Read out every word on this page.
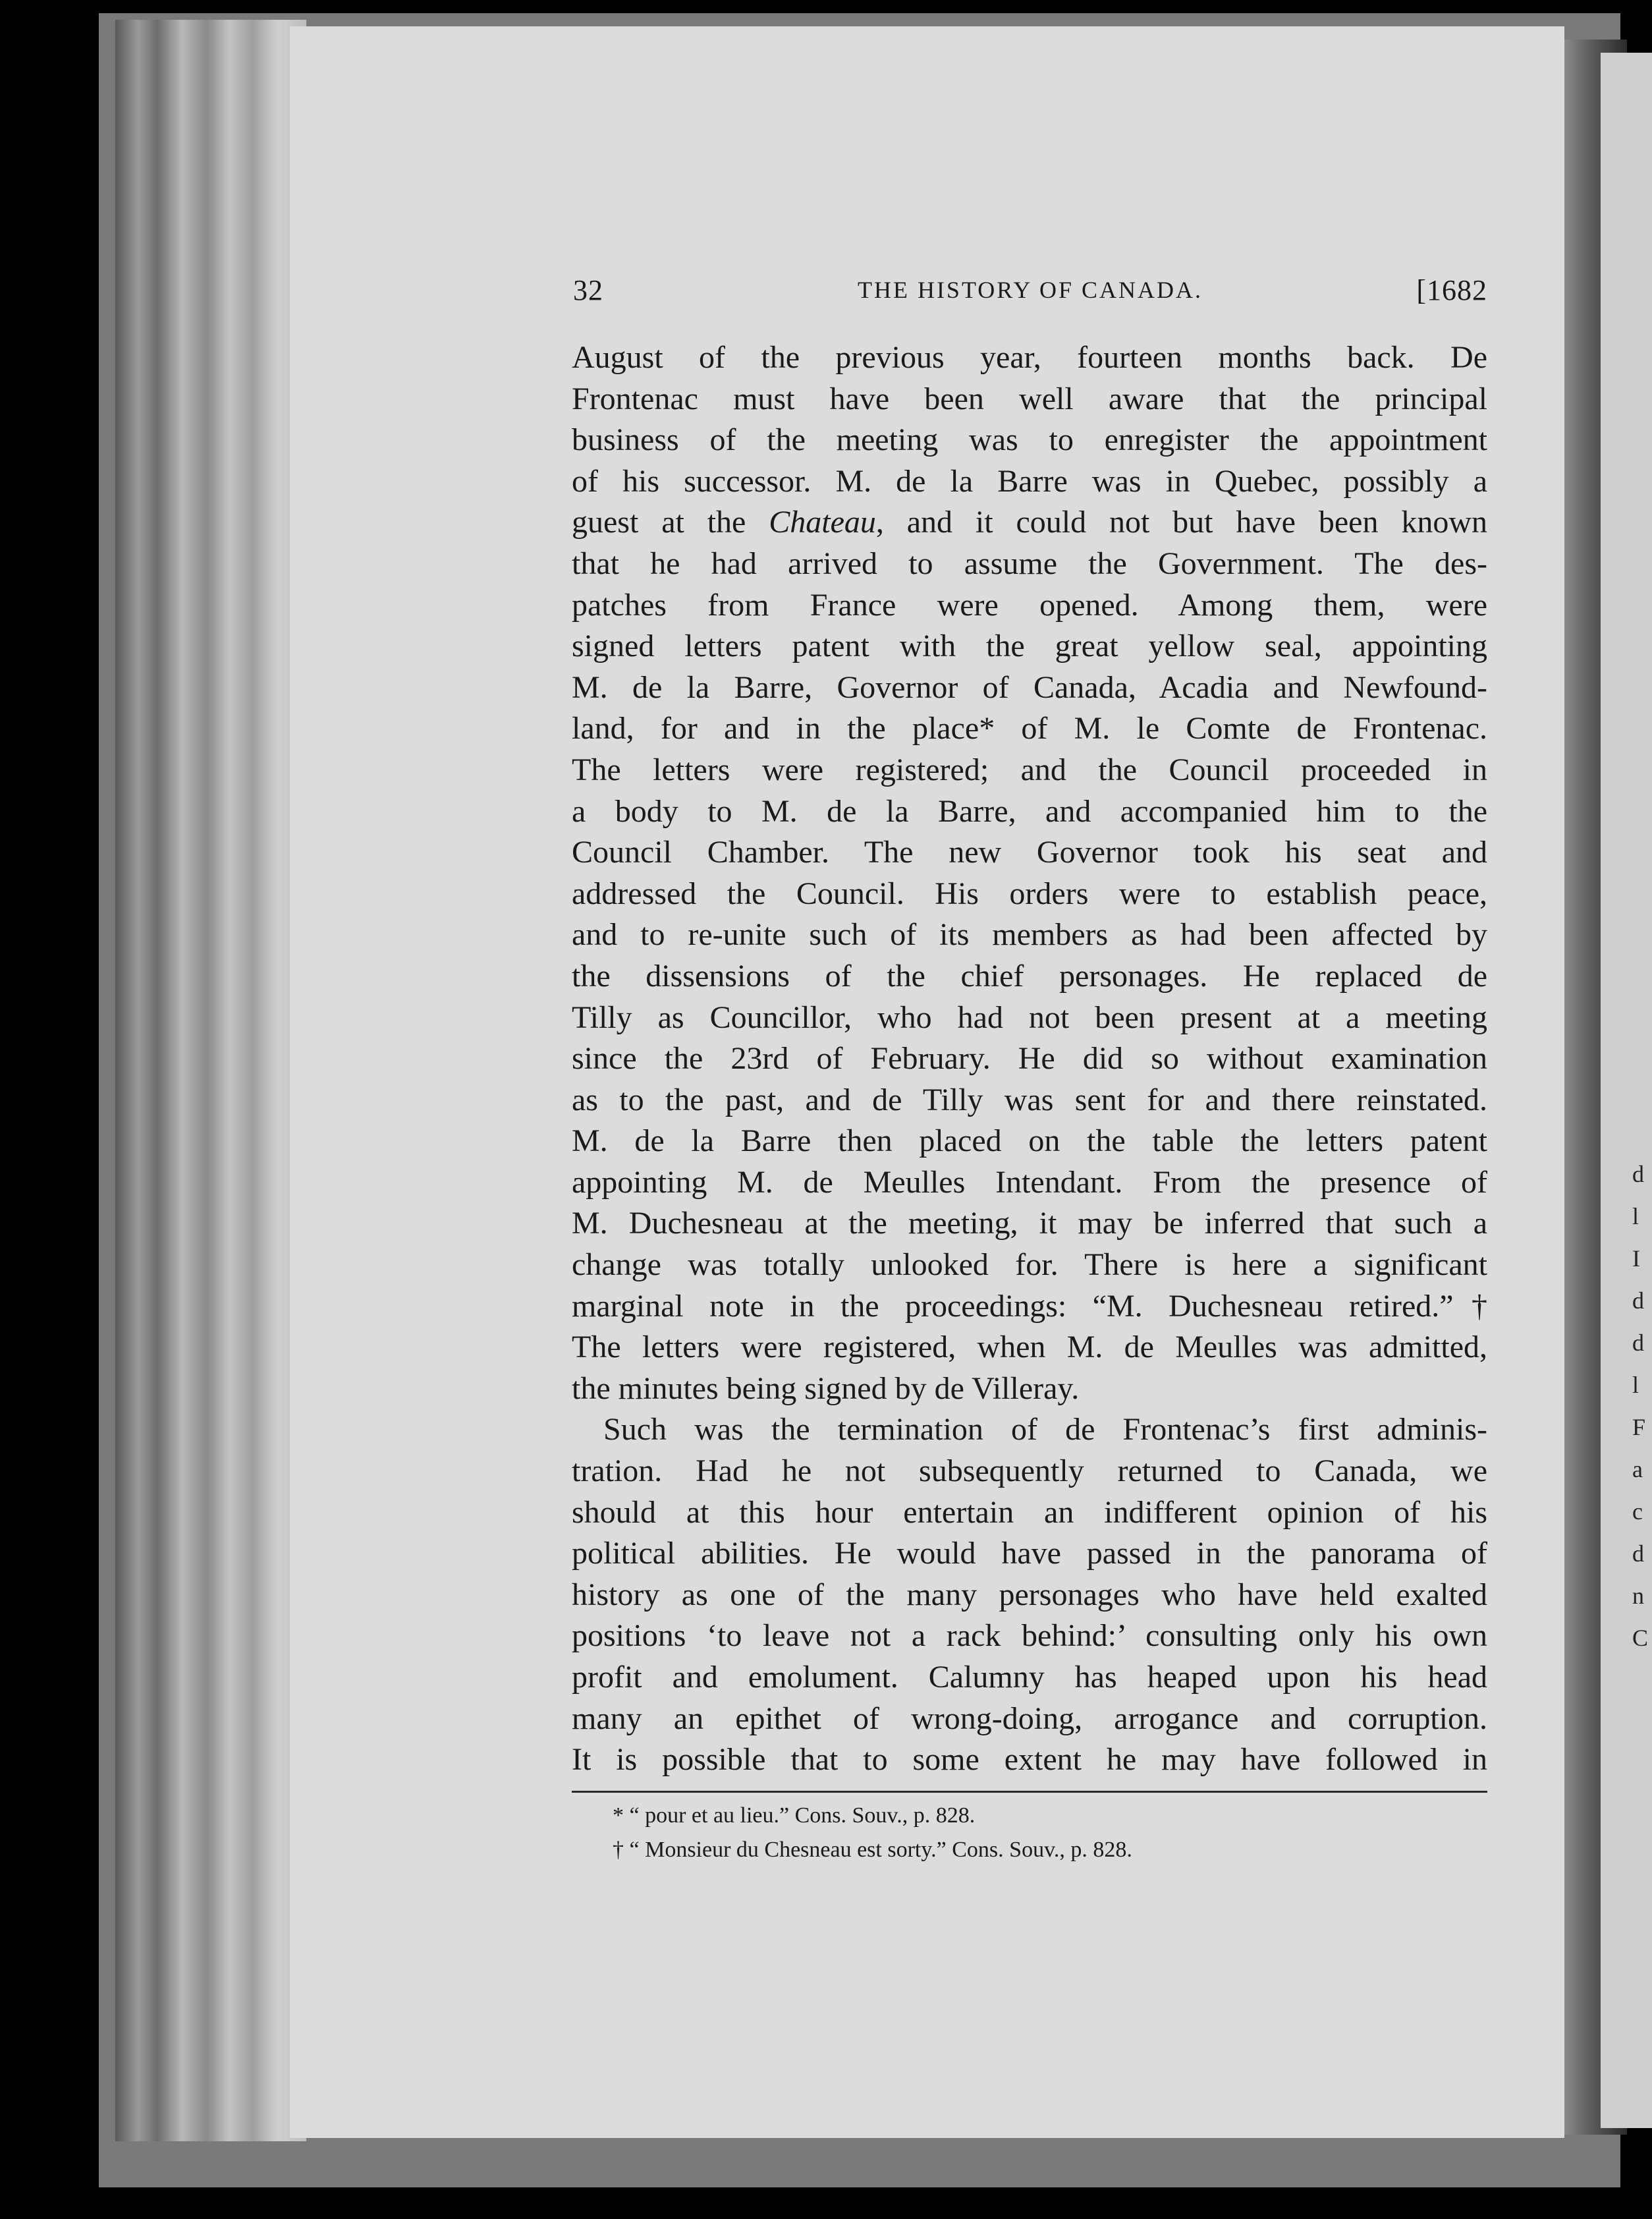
d
l
I
d
d
l
F
a
c
d
n
C
32	THE HISTORY OF CANADA.	[1682
August of the previous year, fourteen months back. De
Frontenac must have been well aware that the principal
business of the meeting was to enregister the appointment
of his successor. M. de la Barre was in Quebec, possibly a
guest at the Chateau, and it could not but have been known
that he had arrived to assume the Government. The des-
patches from France were opened. Among them, were
signed letters patent with the great yellow seal, appointing
M. de la Barre, Governor of Canada, Acadia and Newfound-
land, for and in the place* of M. le Comte de Frontenac.
The letters were registered; and the Council proceeded in
a body to M. de la Barre, and accompanied him to the
Council Chamber. The new Governor took his seat and
addressed the Council. His orders were to establish peace,
and to re-unite such of its members as had been affected by
the dissensions of the chief personages. He replaced de
Tilly as Councillor, who had not been present at a meeting
since the 23rd of February. He did so without examination
as to the past, and de Tilly was sent for and there reinstated.
M. de la Barre then placed on the table the letters patent
appointing M. de Meulles Intendant. From the presence of
M. Duchesneau at the meeting, it may be inferred that such a
change was totally unlooked for. There is here a significant
marginal note in the proceedings: “M. Duchesneau retired.”†
The letters were registered, when M. de Meulles was admitted,
the minutes being signed by de Villeray.
Such was the termination of de Frontenac’s first adminis-
tration. Had he not subsequently returned to Canada, we
should at this hour entertain an indifferent opinion of his
political abilities. He would have passed in the panorama of
history as one of the many personages who have held exalted
positions ‘to leave not a rack behind:’ consulting only his own
profit and emolument. Calumny has heaped upon his head
many an epithet of wrong-doing, arrogance and corruption.
It is possible that to some extent he may have followed in
* “ pour et au lieu.” Cons. Souv., p. 828.
† “ Monsieur du Chesneau est sorty.” Cons. Souv., p. 828.
